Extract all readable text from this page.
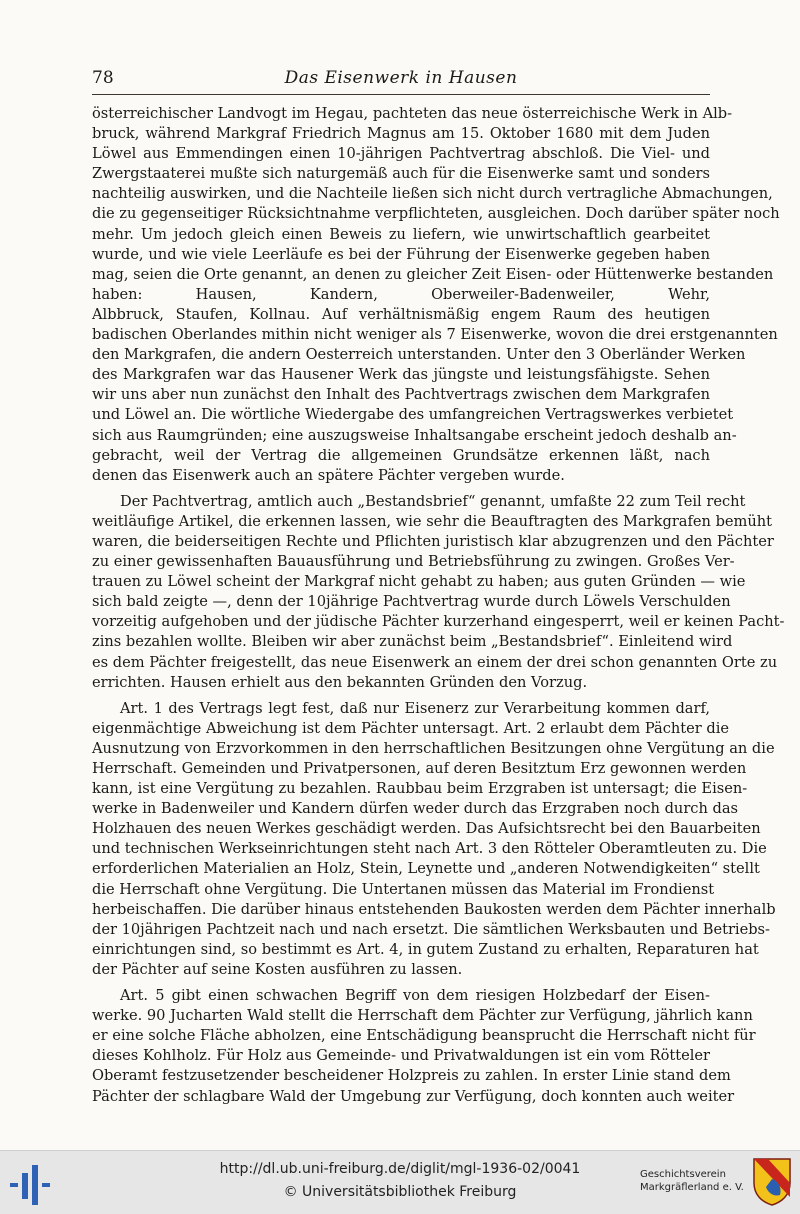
78	Das Eisenwerk in Hausen
österreichischer Landvogt im Hegau, pachteten das neue österreichische Werk in Alb-
bruck, während Markgraf Friedrich Magnus am 15. Oktober 1680 mit dem Juden
Löwel aus Emmendingen einen 10-jährigen Pachtvertrag abschloß. Die Viel- und
Zwergstaaterei mußte sich naturgemäß auch für die Eisenwerke samt und sonders
nachteilig auswirken, und die Nachteile ließen sich nicht durch vertragliche Abmachungen,
die zu gegenseitiger Rücksichtnahme verpflichteten, ausgleichen. Doch darüber später noch
mehr. Um jedoch gleich einen Beweis zu liefern, wie unwirtschaftlich gearbeitet
wurde, und wie viele Leerläufe es bei der Führung der Eisenwerke gegeben haben
mag, seien die Orte genannt, an denen zu gleicher Zeit Eisen- oder Hüttenwerke bestanden
haben: Hausen, Kandern, Oberweiler-Badenweiler, Wehr,
Albbruck, Staufen, Kollnau. Auf verhältnismäßig engem Raum des heutigen
badischen Oberlandes mithin nicht weniger als 7 Eisenwerke, wovon die drei erstgenannten
den Markgrafen, die andern Oesterreich unterstanden. Unter den 3 Oberländer Werken
des Markgrafen war das Hausener Werk das jüngste und leistungsfähigste. Sehen
wir uns aber nun zunächst den Inhalt des Pachtvertrags zwischen dem Markgrafen
und Löwel an. Die wörtliche Wiedergabe des umfangreichen Vertragswerkes verbietet
sich aus Raumgründen; eine auszugsweise Inhaltsangabe erscheint jedoch deshalb an-
gebracht, weil der Vertrag die allgemeinen Grundsätze erkennen läßt, nach
denen das Eisenwerk auch an spätere Pächter vergeben wurde.
Der Pachtvertrag, amtlich auch „Bestandsbrief“ genannt, umfaßte 22 zum Teil recht
weitläufige Artikel, die erkennen lassen, wie sehr die Beauftragten des Markgrafen bemüht
waren, die beiderseitigen Rechte und Pflichten juristisch klar abzugrenzen und den Pächter
zu einer gewissenhaften Bauausführung und Betriebsführung zu zwingen. Großes Ver-
trauen zu Löwel scheint der Markgraf nicht gehabt zu haben; aus guten Gründen — wie
sich bald zeigte —, denn der 10jährige Pachtvertrag wurde durch Löwels Verschulden
vorzeitig aufgehoben und der jüdische Pächter kurzerhand eingesperrt, weil er keinen Pacht-
zins bezahlen wollte. Bleiben wir aber zunächst beim „Bestandsbrief“. Einleitend wird
es dem Pächter freigestellt, das neue Eisenwerk an einem der drei schon genannten Orte zu
errichten. Hausen erhielt aus den bekannten Gründen den Vorzug.
Art. 1 des Vertrags legt fest, daß nur Eisenerz zur Verarbeitung kommen darf,
eigenmächtige Abweichung ist dem Pächter untersagt. Art. 2 erlaubt dem Pächter die
Ausnutzung von Erzvorkommen in den herrschaftlichen Besitzungen ohne Vergütung an die
Herrschaft. Gemeinden und Privatpersonen, auf deren Besitztum Erz gewonnen werden
kann, ist eine Vergütung zu bezahlen. Raubbau beim Erzgraben ist untersagt; die Eisen-
werke in Badenweiler und Kandern dürfen weder durch das Erzgraben noch durch das
Holzhauen des neuen Werkes geschädigt werden. Das Aufsichtsrecht bei den Bauarbeiten
und technischen Werkseinrichtungen steht nach Art. 3 den Rötteler Oberamtleuten zu. Die
erforderlichen Materialien an Holz, Stein, Leynette und „anderen Notwendigkeiten“ stellt
die Herrschaft ohne Vergütung. Die Untertanen müssen das Material im Frondienst
herbeischaffen. Die darüber hinaus entstehenden Baukosten werden dem Pächter innerhalb
der 10jährigen Pachtzeit nach und nach ersetzt. Die sämtlichen Werksbauten und Betriebs-
einrichtungen sind, so bestimmt es Art. 4, in gutem Zustand zu erhalten, Reparaturen hat
der Pächter auf seine Kosten ausführen zu lassen.
Art. 5 gibt einen schwachen Begriff von dem riesigen Holzbedarf der Eisen-
werke. 90 Jucharten Wald stellt die Herrschaft dem Pächter zur Verfügung, jährlich kann
er eine solche Fläche abholzen, eine Entschädigung beansprucht die Herrschaft nicht für
dieses Kohlholz. Für Holz aus Gemeinde- und Privatwaldungen ist ein vom Rötteler
Oberamt festzusetzender bescheidener Holzpreis zu zahlen. In erster Linie stand dem
Pächter der schlagbare Wald der Umgebung zur Verfügung, doch konnten auch weiter
http://dl.ub.uni-freiburg.de/diglit/mgl-1936-02/0041
© Universitätsbibliothek Freiburg
Geschichtsverein
Markgräflerland e. V.
